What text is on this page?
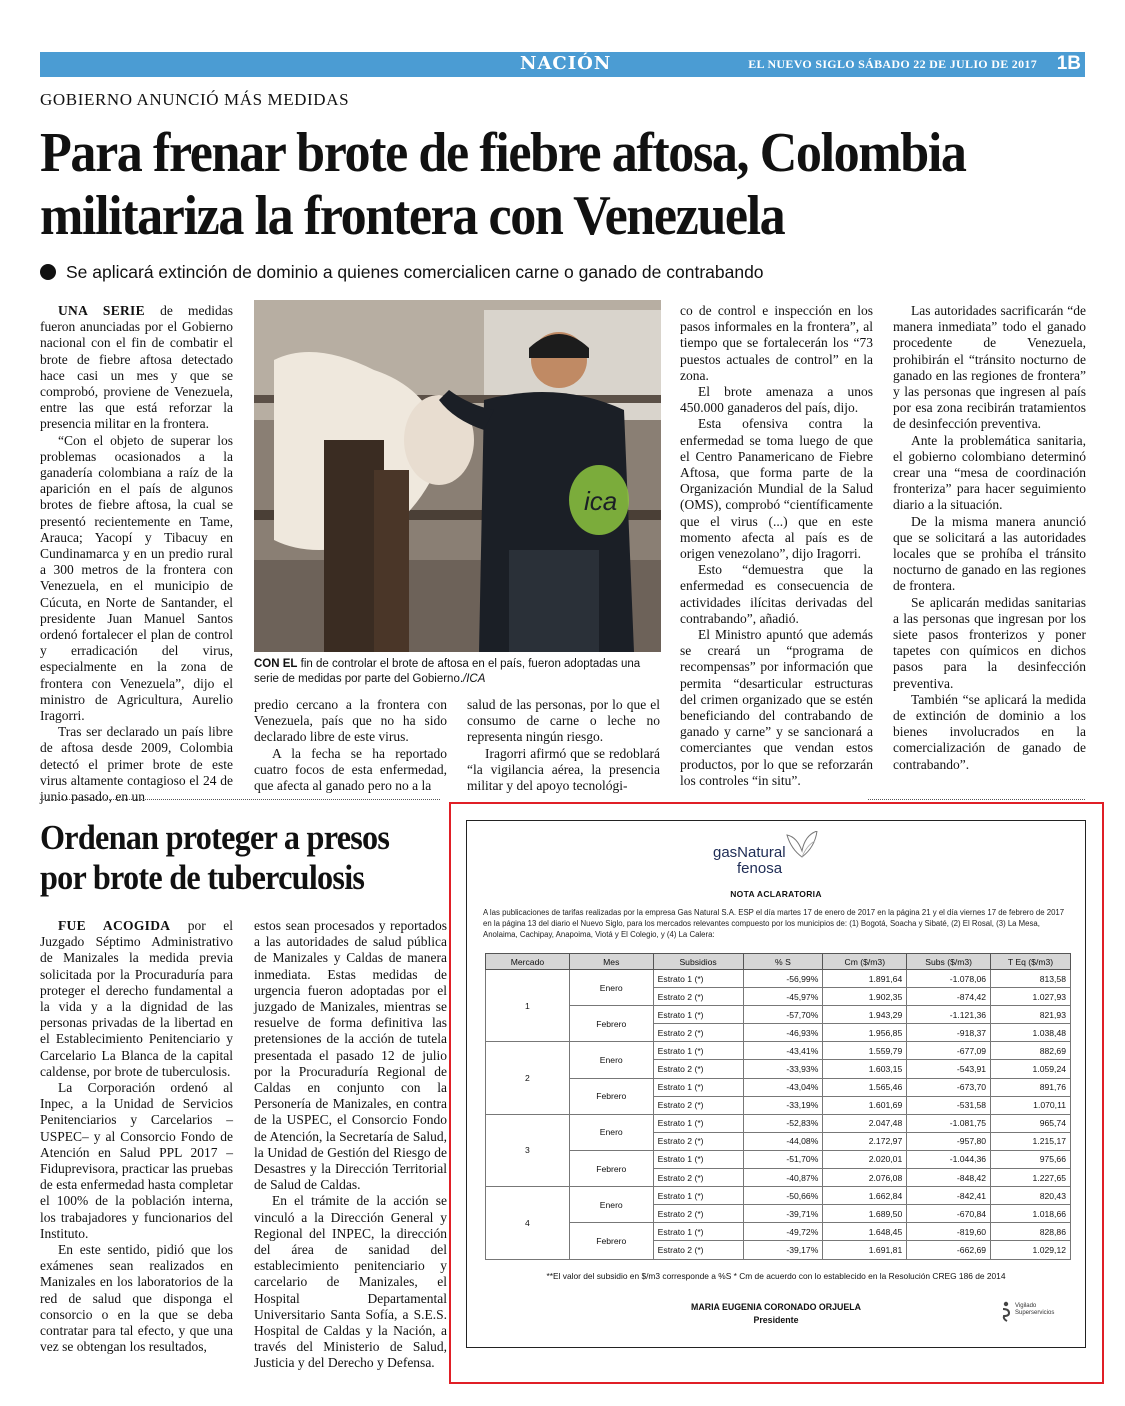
NACIÓN	EL NUEVO SIGLO SÁBADO 22 DE JULIO DE 2017 1B
GOBIERNO ANUNCIÓ MÁS MEDIDAS
Para frenar brote de fiebre aftosa, Colombia
militariza la frontera con Venezuela
Se aplicará extinción de dominio a quienes comercialicen carne o ganado de contrabando

UNA SERIE de medidas fueron anunciadas por el Gobierno nacional con el fin de combatir el brote de fiebre aftosa detectado hace casi un mes y que se comprobó, proviene de Venezuela, entre las que está reforzar la presencia militar en la frontera.

“Con el objeto de superar los problemas ocasionados a la ganadería colombiana a raíz de la aparición en el país de algunos brotes de fiebre aftosa, la cual se presentó recientemente en Tame, Arauca; Yacopí y Tibacuy en Cundinamarca y en un predio rural a 300 metros de la frontera con Venezuela, en el municipio de Cúcuta, en Norte de Santander, el presidente Juan Manuel Santos ordenó fortalecer el plan de control y erradicación del virus, especialmente en la zona de frontera con Venezuela”, dijo el ministro de Agricultura, Aurelio Iragorri.

Tras ser declarado un país libre de aftosa desde 2009, Colombia detectó el primer brote de este virus altamente contagioso el 24 de junio pasado, en un

ica
CON EL fin de controlar el brote de aftosa en el país, fueron adoptadas una serie de medidas por parte del Gobierno./ICA

predio cercano a la frontera con Venezuela, país que no ha sido declarado libre de este virus.

A la fecha se ha reportado cuatro focos de esta enfermedad, que afecta al ganado pero no a la

salud de las personas, por lo que el consumo de carne o leche no representa ningún riesgo.

Iragorri afirmó que se redoblará “la vigilancia aérea, la presencia militar y del apoyo tecnológi-

co de control e inspección en los pasos informales en la frontera”, al tiempo que se fortalecerán los “73 puestos actuales de control” en la zona.

El brote amenaza a unos 450.000 ganaderos del país, dijo.

Esta ofensiva contra la enfermedad se toma luego de que el Centro Panamericano de Fiebre Aftosa, que forma parte de la Organización Mundial de la Salud (OMS), comprobó “científicamente que el virus (...) que en este momento afecta al país es de origen venezolano”, dijo Iragorri.

Esto “demuestra que la enfermedad es consecuencia de actividades ilícitas derivadas del contrabando”, añadió.

El Ministro apuntó que además se creará un “programa de recompensas” por información que permita “desarticular estructuras del crimen organizado que se estén beneficiando del contrabando de ganado y carne” y se sancionará a comerciantes que vendan estos productos, por lo que se reforzarán los controles “in situ”.

Las autoridades sacrificarán “de manera inmediata” todo el ganado procedente de Venezuela, prohibirán el “tránsito nocturno de ganado en las regiones de frontera” y las personas que ingresen al país por esa zona recibirán tratamientos de desinfección preventiva.

Ante la problemática sanitaria, el gobierno colombiano determinó crear una “mesa de coordinación fronteriza” para hacer seguimiento diario a la situación.

De la misma manera anunció que se solicitará a las autoridades locales que se prohíba el tránsito nocturno de ganado en las regiones de frontera.

Se aplicarán medidas sanitarias a las personas que ingresan por los siete pasos fronterizos y poner tapetes con químicos en dichos pasos para la desinfección preventiva.

También “se aplicará la medida de extinción de dominio a los bienes involucrados en la comercialización de ganado de contrabando”.

Ordenan proteger a presos
por brote de tuberculosis

FUE ACOGIDA por el Juzgado Séptimo Administrativo de Manizales la medida previa solicitada por la Procuraduría para proteger el derecho fundamental a la vida y a la dignidad de las personas privadas de la libertad en el Establecimiento Penitenciario y Carcelario La Blanca de la capital caldense, por brote de tuberculosis.

La Corporación ordenó al Inpec, a la Unidad de Servicios Penitenciarios y Carcelarios –USPEC– y al Consorcio Fondo de Atención en Salud PPL 2017 – Fiduprevisora, practicar las pruebas de esta enfermedad hasta completar el 100% de la población interna, los trabajadores y funcionarios del Instituto.

En este sentido, pidió que los exámenes sean realizados en Manizales en los laboratorios de la red de salud que disponga el consorcio o en la que se deba contratar para tal efecto, y que una vez se obtengan los resultados,

estos sean procesados y reportados a las autoridades de salud pública de Manizales y Caldas de manera inmediata. Estas medidas de urgencia fueron adoptadas por el juzgado de Manizales, mientras se resuelve de forma definitiva las pretensiones de la acción de tutela presentada el pasado 12 de julio por la Procuraduría Regional de Caldas en conjunto con la Personería de Manizales, en contra de la USPEC, el Consorcio Fondo de Atención, la Secretaría de Salud, la Unidad de Gestión del Riesgo de Desastres y la Dirección Territorial de Salud de Caldas.

En el trámite de la acción se vinculó a la Dirección General y Regional del INPEC, la dirección del área de sanidad del establecimiento penitenciario y carcelario de Manizales, el Hospital Departamental Universitario Santa Sofía, a S.E.S. Hospital de Caldas y la Nación, a través del Ministerio de Salud, Justicia y del Derecho y Defensa.

gasNatural
fenosa
NOTA ACLARATORIA
A las publicaciones de tarifas realizadas por la empresa Gas Natural S.A. ESP el día martes 17 de enero de 2017 en la página 21 y el día viernes 17 de febrero de 2017 en la página 13 del diario el Nuevo Siglo, para los mercados relevantes compuesto por los municipios de: (1) Bogotá, Soacha y Sibaté, (2) El Rosal, (3) La Mesa, Anolaima, Cachipay, Anapoima, Viotá y El Colegio, y (4) La Calera:
Mercado	Mes	Subsidios	% S	Cm ($/m3)	Subs ($/m3)	T Eq ($/m3)
1	Enero	Estrato 1 (*)	-56,99%	1.891,64	-1.078,06	813,58
		Estrato 2 (*)	-45,97%	1.902,35	-874,42	1.027,93
	Febrero	Estrato 1 (*)	-57,70%	1.943,29	-1.121,36	821,93
		Estrato 2 (*)	-46,93%	1.956,85	-918,37	1.038,48
2	Enero	Estrato 1 (*)	-43,41%	1.559,79	-677,09	882,69
		Estrato 2 (*)	-33,93%	1.603,15	-543,91	1.059,24
	Febrero	Estrato 1 (*)	-43,04%	1.565,46	-673,70	891,76
		Estrato 2 (*)	-33,19%	1.601,69	-531,58	1.070,11
3	Enero	Estrato 1 (*)	-52,83%	2.047,48	-1.081,75	965,74
		Estrato 2 (*)	-44,08%	2.172,97	-957,80	1.215,17
	Febrero	Estrato 1 (*)	-51,70%	2.020,01	-1.044,36	975,66
		Estrato 2 (*)	-40,87%	2.076,08	-848,42	1.227,65
4	Enero	Estrato 1 (*)	-50,66%	1.662,84	-842,41	820,43
		Estrato 2 (*)	-39,71%	1.689,50	-670,84	1.018,66
	Febrero	Estrato 1 (*)	-49,72%	1.648,45	-819,60	828,86
		Estrato 2 (*)	-39,17%	1.691,81	-662,69	1.029,12
**El valor del subsidio en $/m3 corresponde a %S * Cm de acuerdo con lo establecido en la Resolución CREG 186 de 2014
MARIA EUGENIA CORONADO ORJUELA
Presidente
Vigilado
Superservicios
